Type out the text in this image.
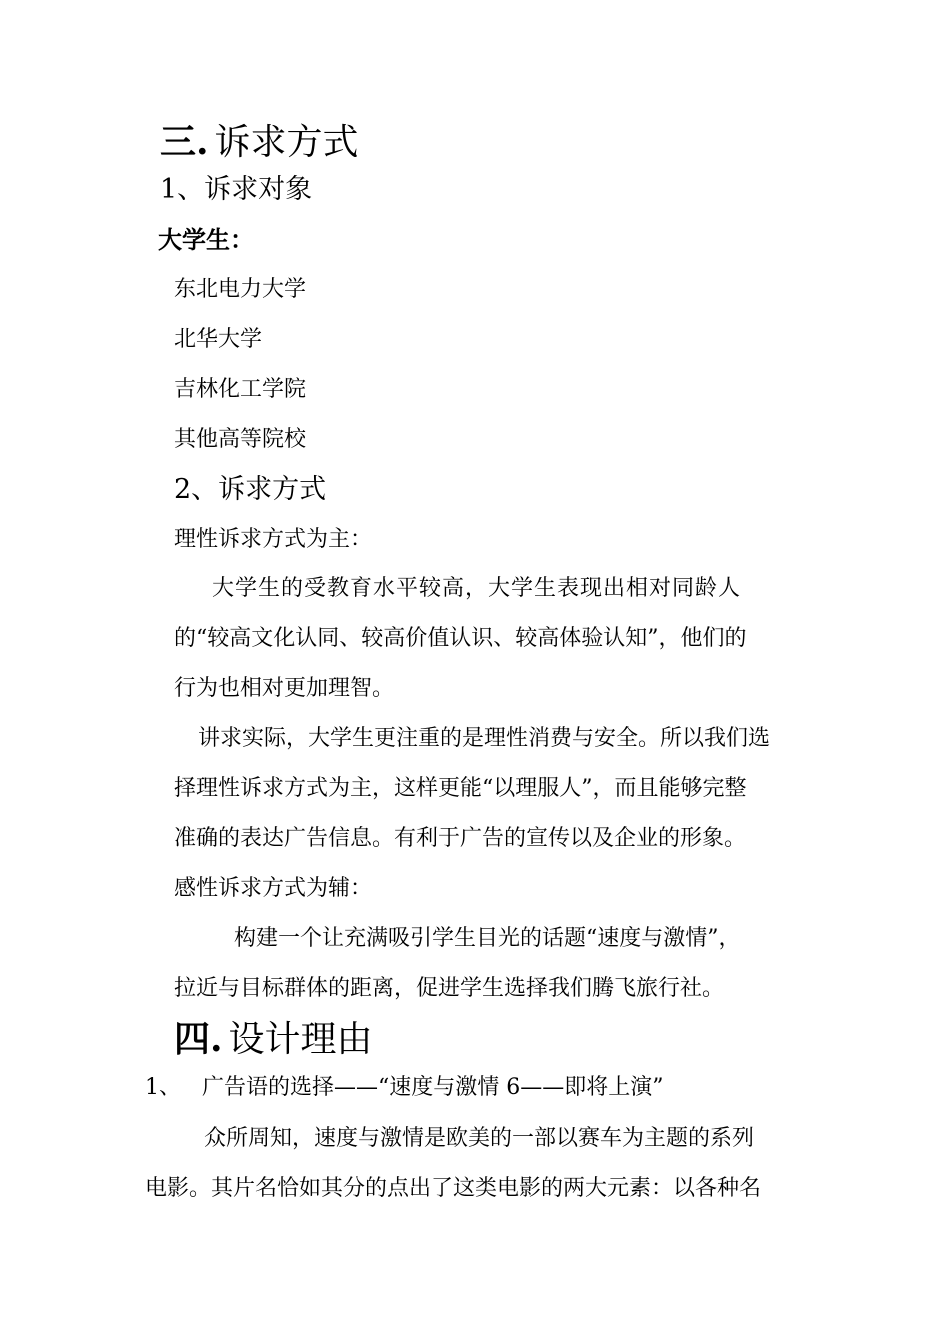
三. 诉求方式
1、诉求对象
大学生：
东北电力大学
北华大学
吉林化工学院
其他高等院校
2、诉求方式
理性诉求方式为主：
大学生的受教育水平较高，大学生表现出相对同龄人
的“较高文化认同、较高价值认识、较高体验认知”，他们的
行为也相对更加理智。
讲求实际，大学生更注重的是理性消费与安全。所以我们选
择理性诉求方式为主，这样更能“以理服人”，而且能够完整
准确的表达广告信息。有利于广告的宣传以及企业的形象。
感性诉求方式为辅：
构建一个让充满吸引学生目光的话题“速度与激情”，
拉近与目标群体的距离，促进学生选择我们腾飞旅行社。
四. 设计理由
1、 广告语的选择——“速度与激情 6——即将上演”
众所周知，速度与激情是欧美的一部以赛车为主题的系列
电影。其片名恰如其分的点出了这类电影的两大元素：以各种名
